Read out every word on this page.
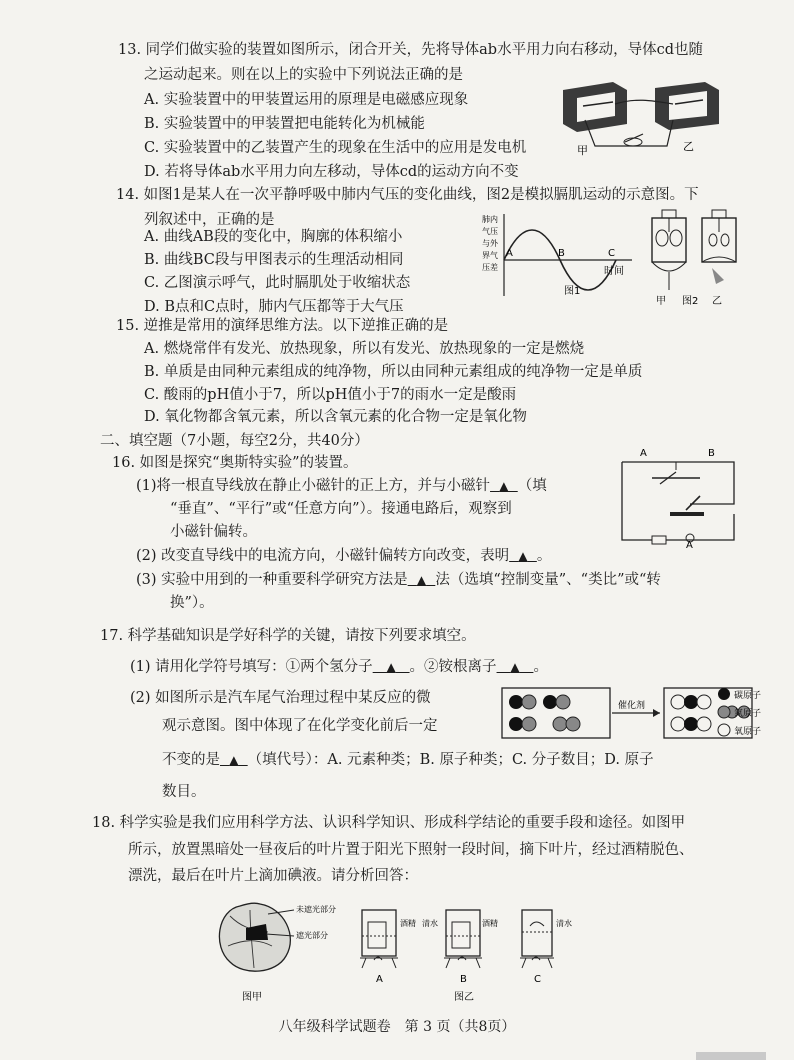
13. 同学们做实验的装置如图所示，闭合开关，先将导体ab水平用力向右移动，导体cd也随
之运动起来。则在以上的实验中下列说法正确的是
A. 实验装置中的甲装置运用的原理是电磁感应现象
B. 实验装置中的甲装置把电能转化为机械能
C. 实验装置中的乙装置产生的现象在生活中的应用是发电机
D. 若将导体ab水平用力向左移动，导体cd的运动方向不变
甲	乙
14. 如图1是某人在一次平静呼吸中肺内气压的变化曲线，图2是模拟膈肌运动的示意图。下
列叙述中，正确的是
A. 曲线AB段的变化中，胸廓的体积缩小
B. 曲线BC段与甲图表示的生理活动相同
C. 乙图演示呼气，此时膈肌处于收缩状态
D. B点和C点时，肺内气压都等于大气压
肺内
气压
与外
界气
压差
A	B	C
时间
图1
甲 图2 乙
15. 逆推是常用的演绎思维方法。以下逆推正确的是
A. 燃烧常伴有发光、放热现象，所以有发光、放热现象的一定是燃烧
B. 单质是由同种元素组成的纯净物，所以由同种元素组成的纯净物一定是单质
C. 酸雨的pH值小于7，所以pH值小于7的雨水一定是酸雨
D. 氧化物都含氧元素，所以含氧元素的化合物一定是氧化物
二、填空题（7小题，每空2分，共40分）
16. 如图是探究“奥斯特实验”的装置。
(1)将一根直导线放在静止小磁针的正上方，并与小磁针 ▲ （填
“垂直”、“平行”或“任意方向”）。接通电路后，观察到
小磁针偏转。
(2) 改变直导线中的电流方向，小磁针偏转方向改变，表明 ▲ 。
(3) 实验中用到的一种重要科学研究方法是 ▲ 法（选填“控制变量”、“类比”或“转
换”）。
A	B
A
17. 科学基础知识是学好科学的关键，请按下列要求填空。
(1) 请用化学符号填写：①两个氢分子 ▲ 。②铵根离子 ▲ 。
(2) 如图所示是汽车尾气治理过程中某反应的微
观示意图。图中体现了在化学变化前后一定
不变的是 ▲ （填代号）：A. 元素种类；B. 原子种类；C. 分子数目；D. 原子
数目。
催化剂
碳原子
氮原子
氧原子
18. 科学实验是我们应用科学方法、认识科学知识、形成科学结论的重要手段和途径。如图甲
所示，放置黑暗处一昼夜后的叶片置于阳光下照射一段时间，摘下叶片，经过酒精脱色、
漂洗，最后在叶片上滴加碘液。请分析回答：
未遮光部分
遮光部分
A
酒精
B
清水	酒精
C
清水
图甲	图乙
八年级科学试题卷　第 3 页（共8页）
